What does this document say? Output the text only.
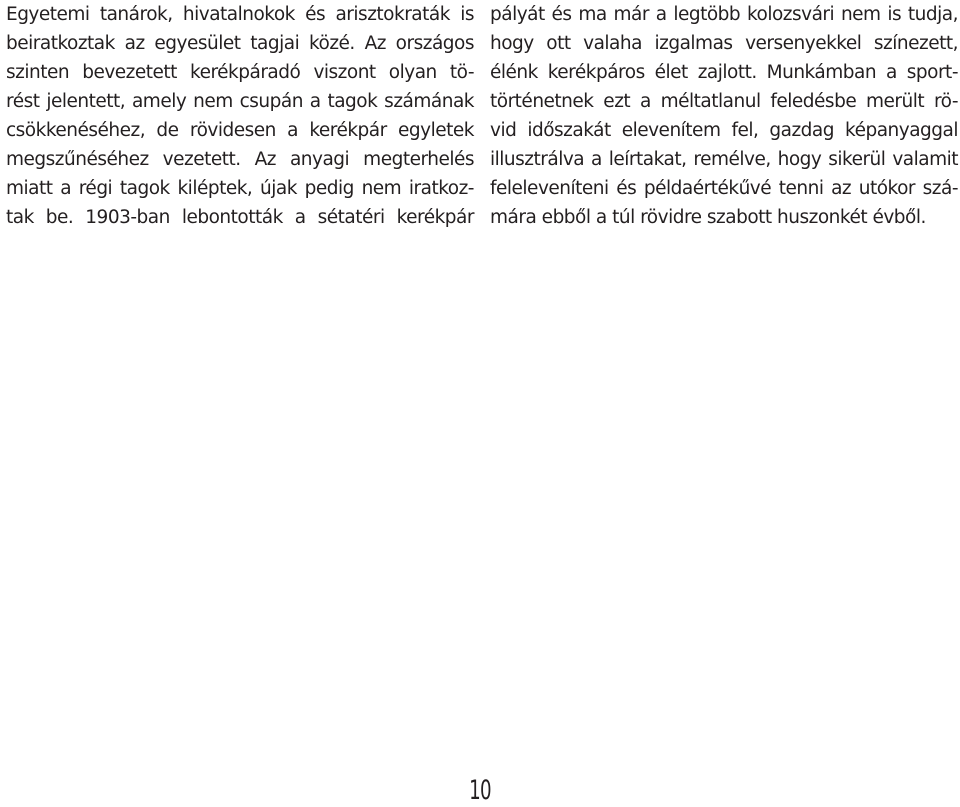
Egyetemi tanárok, hivatalnokok és arisztokraták is
beiratkoztak az egyesület tagjai közé. Az országos
szinten bevezetett kerékpáradó viszont olyan tö-
rést jelentett, amely nem csupán a tagok számának
csökkenéséhez, de rövidesen a kerékpár egyletek
megszűnéséhez vezetett. Az anyagi megterhelés
miatt a régi tagok kiléptek, újak pedig nem iratkoz-
tak be. 1903-ban lebontották a sétatéri kerékpár
pályát és ma már a legtöbb kolozsvári nem is tudja,
hogy ott valaha izgalmas versenyekkel színezett,
élénk kerékpáros élet zajlott. Munkámban a sport-
történetnek ezt a méltatlanul feledésbe merült rö-
vid időszakát elevenítem fel, gazdag képanyaggal
illusztrálva a leírtakat, remélve, hogy sikerül valamit
feleleveníteni és példaértékűvé tenni az utókor szá-
mára ebből a túl rövidre szabott huszonkét évből.
10
